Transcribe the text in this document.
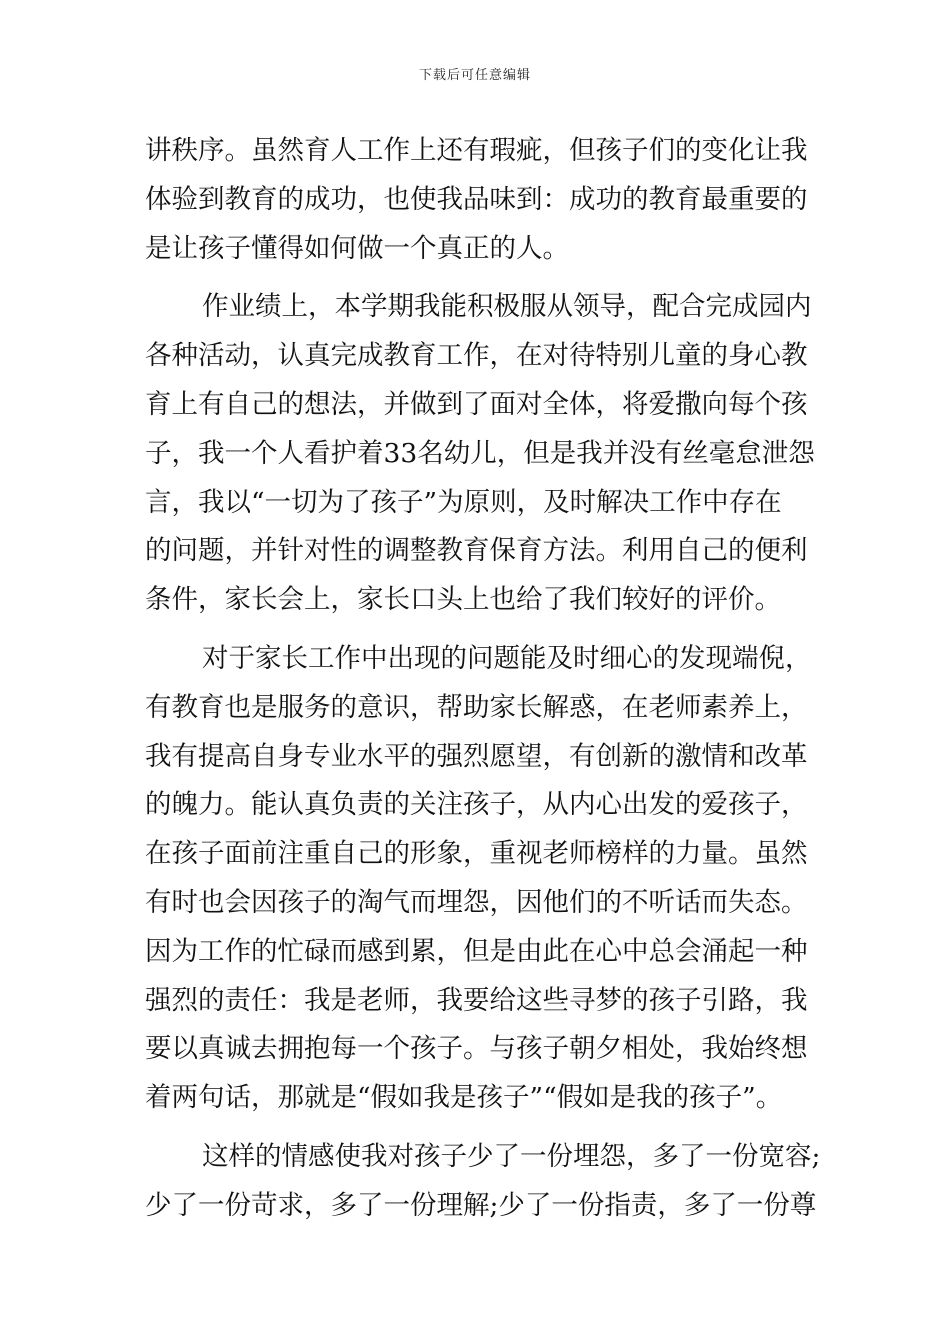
下载后可任意编辑
讲秩序。虽然育人工作上还有瑕疵，但孩子们的变化让我
体验到教育的成功，也使我品味到：成功的教育最重要的
是让孩子懂得如何做一个真正的人。
作业绩上，本学期我能积极服从领导，配合完成园内
各种活动，认真完成教育工作，在对待特别儿童的身心教
育上有自己的想法，并做到了面对全体，将爱撒向每个孩
子，我一个人看护着33名幼儿，但是我并没有丝毫怠泄怨
言，我以“一切为了孩子”为原则，及时解决工作中存在
的问题，并针对性的调整教育保育方法。利用自己的便利
条件，家长会上，家长口头上也给了我们较好的评价。
对于家长工作中出现的问题能及时细心的发现端倪，
有教育也是服务的意识，帮助家长解惑，在老师素养上，
我有提高自身专业水平的强烈愿望，有创新的激情和改革
的魄力。能认真负责的关注孩子，从内心出发的爱孩子，
在孩子面前注重自己的形象，重视老师榜样的力量。虽然
有时也会因孩子的淘气而埋怨，因他们的不听话而失态。
因为工作的忙碌而感到累，但是由此在心中总会涌起一种
强烈的责任：我是老师，我要给这些寻梦的孩子引路，我
要以真诚去拥抱每一个孩子。与孩子朝夕相处，我始终想
着两句话，那就是“假如我是孩子”“假如是我的孩子”。
这样的情感使我对孩子少了一份埋怨，多了一份宽容;
少了一份苛求，多了一份理解;少了一份指责，多了一份尊
